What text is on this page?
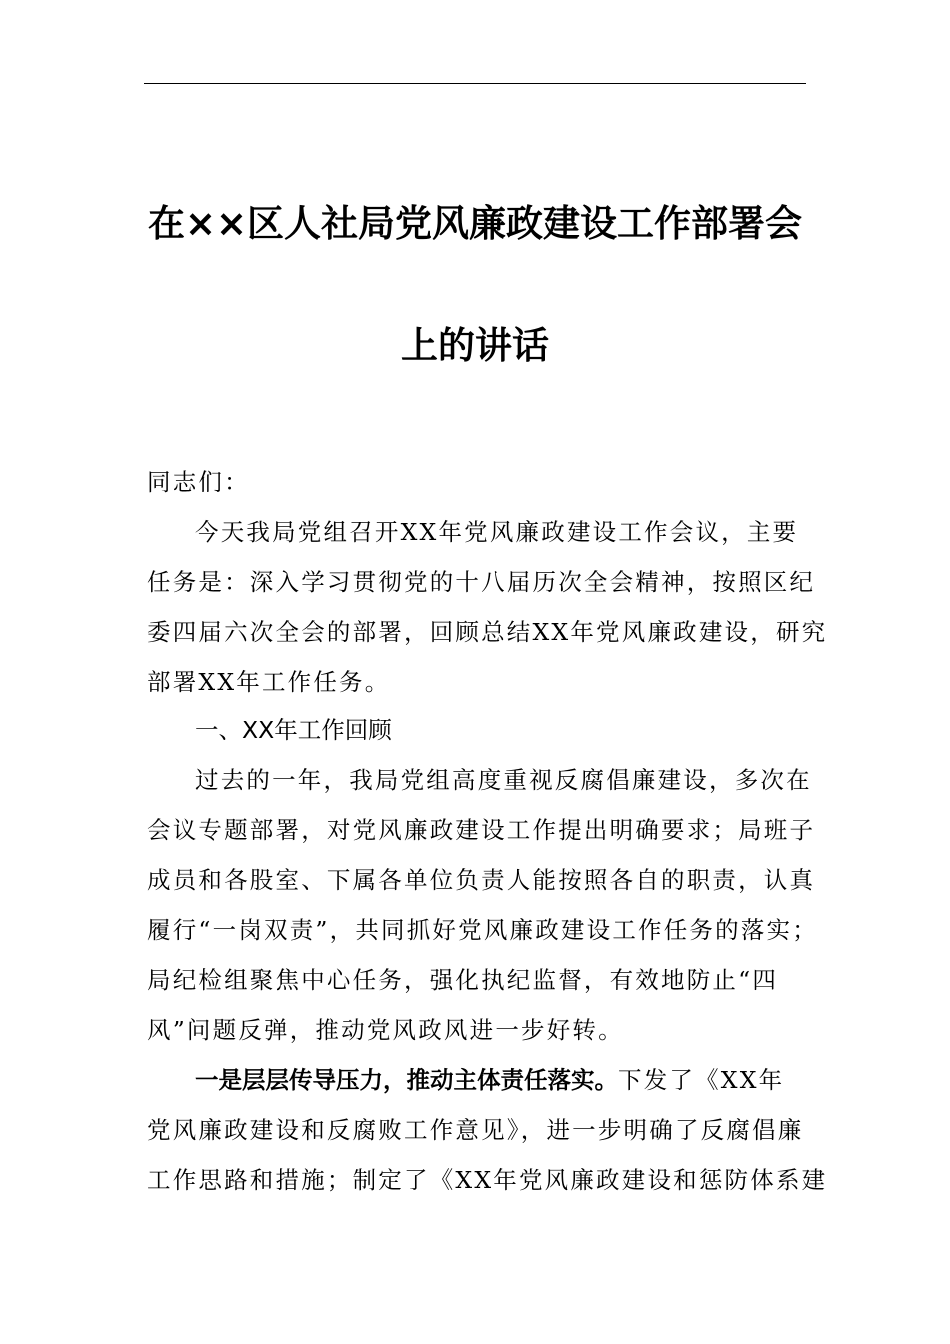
在××区人社局党风廉政建设工作部署会
上的讲话
同志们：
今天我局党组召开XX年党风廉政建设工作会议，主要
任务是：深入学习贯彻党的十八届历次全会精神，按照区纪
委四届六次全会的部署，回顾总结XX年党风廉政建设，研究
部署XX年工作任务。
一、XX年工作回顾
过去的一年，我局党组高度重视反腐倡廉建设，多次在
会议专题部署，对党风廉政建设工作提出明确要求；局班子
成员和各股室、下属各单位负责人能按照各自的职责，认真
履行“一岗双责”，共同抓好党风廉政建设工作任务的落实；
局纪检组聚焦中心任务，强化执纪监督，有效地防止“四
风”问题反弹，推动党风政风进一步好转。
一是层层传导压力，推动主体责任落实。下发了《XX年
党风廉政建设和反腐败工作意见》，进一步明确了反腐倡廉
工作思路和措施；制定了《XX年党风廉政建设和惩防体系建
